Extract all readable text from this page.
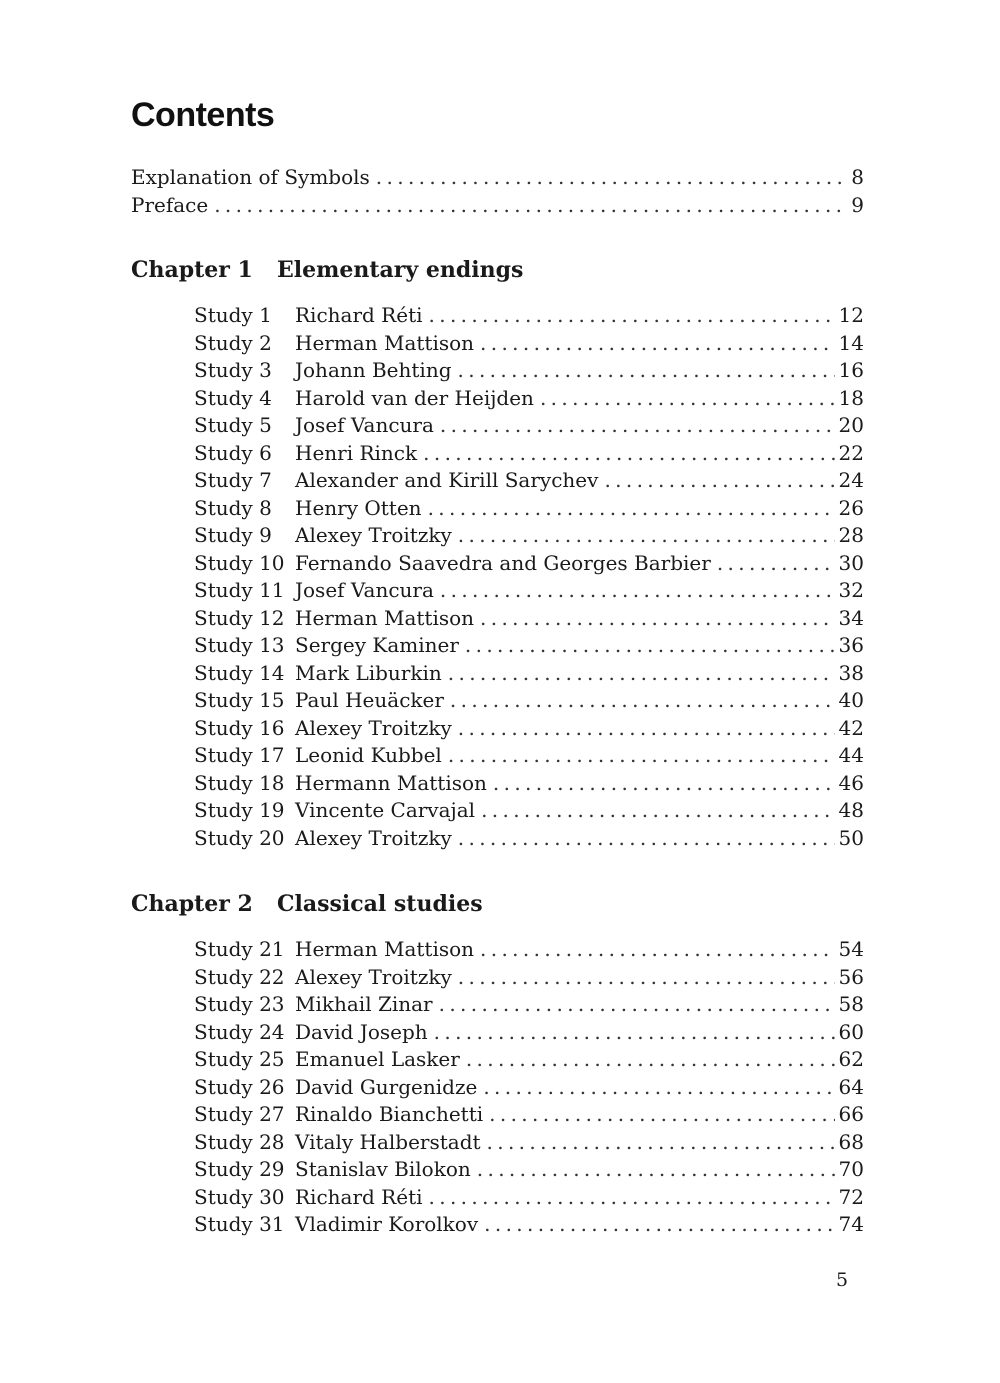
Contents
Explanation of Symbols . . .	8
Preface . . .	9
Chapter 1	Elementary endings
Study 1	Richard Réti . . .	12
Study 2	Herman Mattison . . .	14
Study 3	Johann Behting . . .	16
Study 4	Harold van der Heijden . . .	18
Study 5	Josef Vancura . . .	20
Study 6	Henri Rinck . . .	22
Study 7	Alexander and Kirill Sarychev . . .	24
Study 8	Henry Otten . . .	26
Study 9	Alexey Troitzky . . .	28
Study 10 Fernando Saavedra and Georges Barbier . . .	30
Study 11 Josef Vancura . . .	32
Study 12 Herman Mattison . . .	34
Study 13 Sergey Kaminer . . .	36
Study 14 Mark Liburkin . . .	38
Study 15 Paul Heuäcker . . .	40
Study 16 Alexey Troitzky . . .	42
Study 17 Leonid Kubbel . . .	44
Study 18 Hermann Mattison . . .	46
Study 19 Vincente Carvajal . . .	48
Study 20 Alexey Troitzky . . .	50
Chapter 2	Classical studies
Study 21 Herman Mattison . . .	54
Study 22 Alexey Troitzky . . .	56
Study 23 Mikhail Zinar . . .	58
Study 24 David Joseph . . .	60
Study 25 Emanuel Lasker . . .	62
Study 26 David Gurgenidze . . .	64
Study 27 Rinaldo Bianchetti . . .	66
Study 28 Vitaly Halberstadt . . .	68
Study 29 Stanislav Bilokon . . .	70
Study 30 Richard Réti . . .	72
Study 31 Vladimir Korolkov . . .	74
5
